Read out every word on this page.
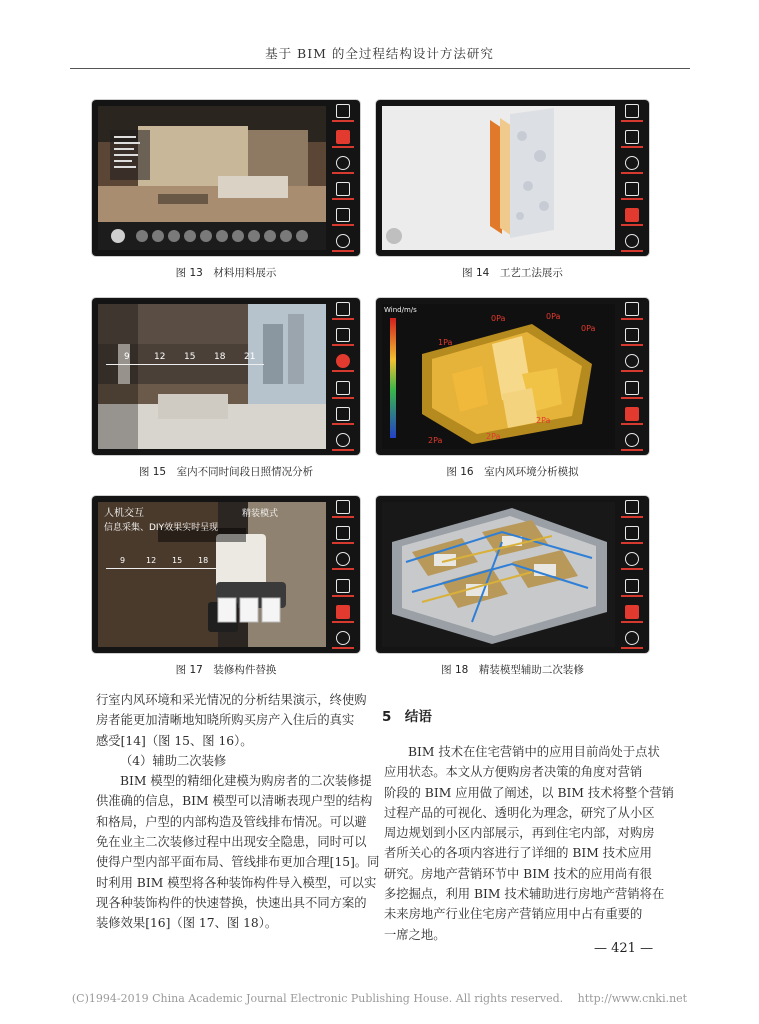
基于 BIM 的全过程结构设计方法研究
图 13　材料用料展示	图 14　工艺工法展示
9	12 15 18 21
图 15　室内不同时间段日照情况分析
Wind/m/s
0Pa	0Pa
0Pa
1Pa
2Pa	2Pa
2Pa
图 16　室内风环境分析模拟
人机交互
信息采集、DIY效果实时呈现
精装模式
9	12 15 18
图 17　装修构件替换	图 18　精装模型辅助二次装修
行室内风环境和采光情况的分析结果演示，终使购
房者能更加清晰地知晓所购买房产入住后的真实
感受[14]（图 15、图 16）。
（4）辅助二次装修
BIM 模型的精细化建模为购房者的二次装修提
供准确的信息，BIM 模型可以清晰表现户型的结构
和格局，户型的内部构造及管线排布情况。可以避
免在业主二次装修过程中出现安全隐患，同时可以
使得户型内部平面布局、管线排布更加合理[15]。同
时利用 BIM 模型将各种装饰构件导入模型，可以实
现各种装饰构件的快速替换，快速出具不同方案的
装修效果[16]（图 17、图 18）。
5　结语
BIM 技术在住宅营销中的应用目前尚处于点状
应用状态。本文从方便购房者决策的角度对营销
阶段的 BIM 应用做了阐述，以 BIM 技术将整个营销
过程产品的可视化、透明化为理念，研究了从小区
周边规划到小区内部展示，再到住宅内部，对购房
者所关心的各项内容进行了详细的 BIM 技术应用
研究。房地产营销环节中 BIM 技术的应用尚有很
多挖掘点，利用 BIM 技术辅助进行房地产营销将在
未来房地产行业住宅房产营销应用中占有重要的
一席之地。
— 421 —
(C)1994-2019 China Academic Journal Electronic Publishing House. All rights reserved.　 http://www.cnki.net
